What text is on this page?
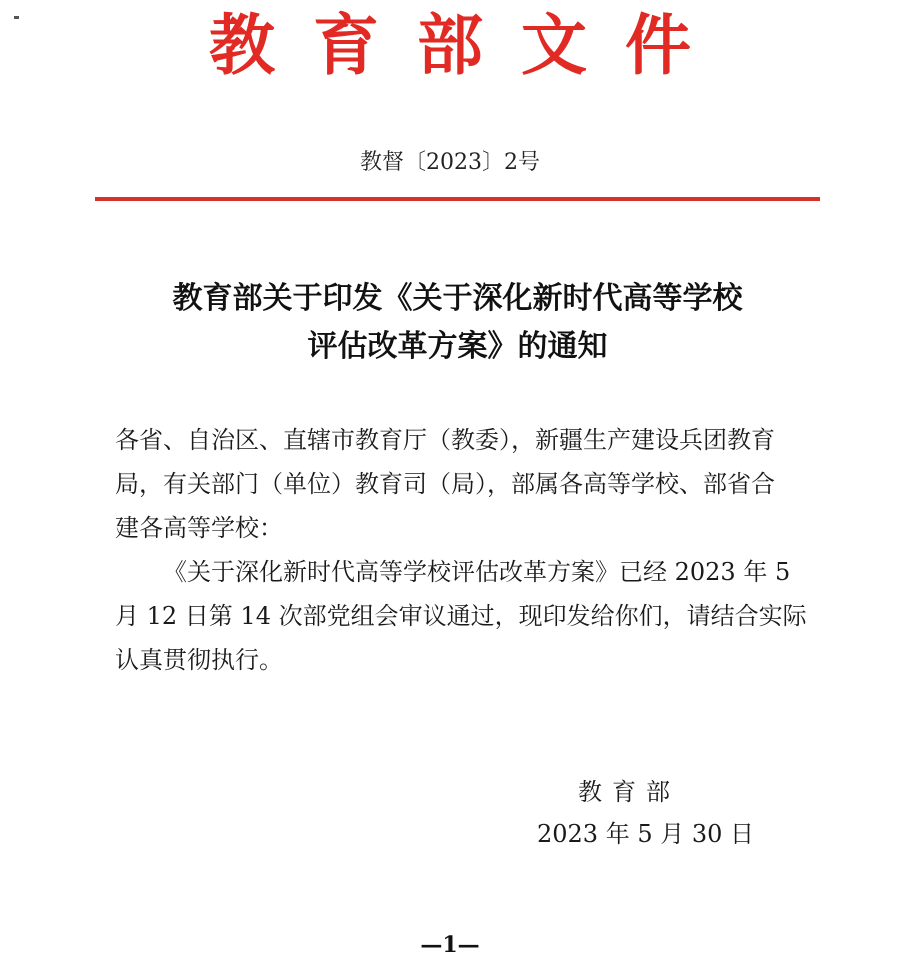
教育部文件
教督〔2023〕2号
教育部关于印发《关于深化新时代高等学校
评估改革方案》的通知

各省、自治区、直辖市教育厅（教委），新疆生产建设兵团教育

局，有关部门（单位）教育司（局），部属各高等学校、部省合

建各高等学校：

《关于深化新时代高等学校评估改革方案》已经 2023 年 5

月 12 日第 14 次部党组会审议通过，现印发给你们，请结合实际

认真贯彻执行。

教育部
2023 年 5 月 30 日
—1—
